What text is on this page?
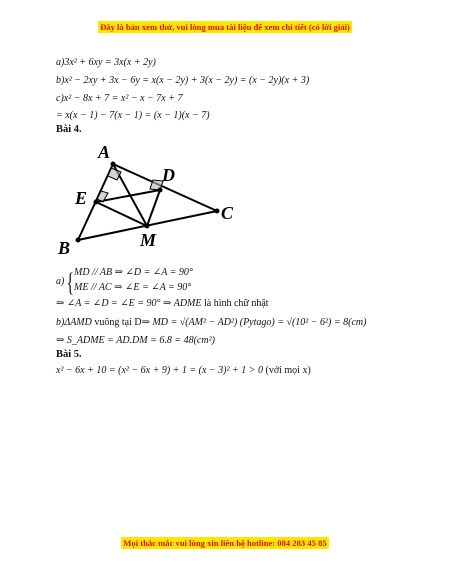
Đây là bản xem thử, vui lòng mua tài liệu để xem chi tiết (có lời giải)
a)3x² + 6xy = 3x(x + 2y)
b)x² − 2xy + 3x − 6y = x(x − 2y) + 3(x − 2y) = (x − 2y)(x + 3)
c)x² − 8x + 7 = x² − x − 7x + 7
= x(x − 1) − 7(x − 1) = (x − 1)(x − 7)
Bài 4.
A
D
E
C
B	M
a) { MD // AB ⇒ ∠D = ∠A = 90°
ME // AC ⇒ ∠E = ∠A = 90°
⇒ ∠A = ∠D = ∠E = 90° ⇒ ADME là hình chữ nhật
b)ΔAMD vuông tại D⇒ MD = √(AM² − AD²) (Pytago) = √(10² − 6²) = 8(cm)
⇒ S_ADME = AD.DM = 6.8 = 48(cm²)
Bài 5.
x² − 6x + 10 = (x² − 6x + 9) + 1 = (x − 3)² + 1 > 0 (với mọi x)
Mọi thắc mắc vui lòng xin liên hệ hotline: 084 283 45 85
